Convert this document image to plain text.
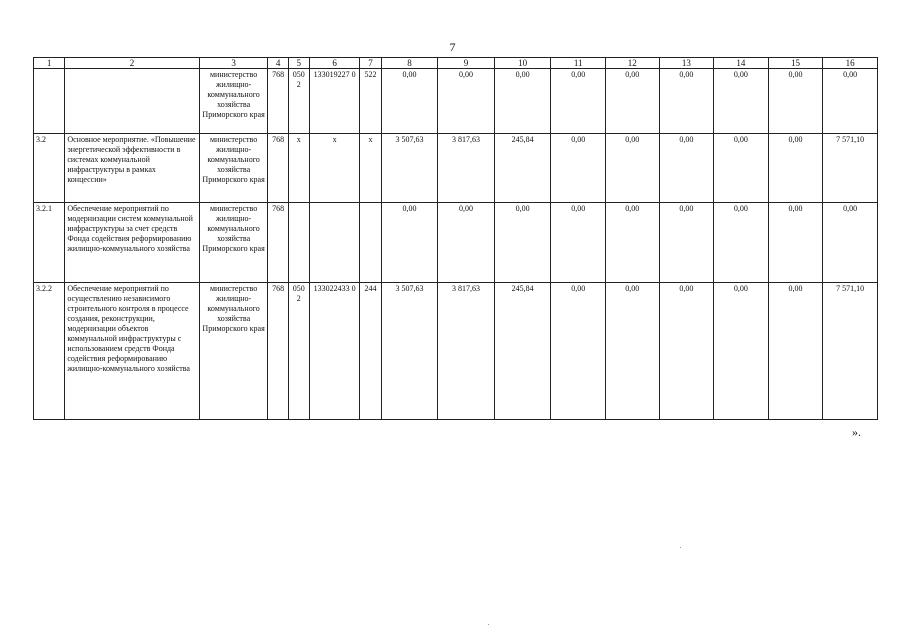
7
1	2	3	4	5	6	7	8	9	10	11	12	13	14	15	16
		министерство жилищно-коммунального хозяйства Приморского края	768	050 2	133019227 0	522	0,00	0,00	0,00	0,00	0,00	0,00	0,00	0,00	0,00
3.2	Основное мероприятие. «Повышение энергетической эффективности в системах коммунальной инфраструктуры в рамках концессии»	министерство жилищно-коммунального хозяйства Приморского края	768	х	х	х	3 507,63	3 817,63	245,84	0,00	0,00	0,00	0,00	0,00	7 571,10
3.2.1	Обеспечение мероприятий по модернизации систем коммунальной инфраструктуры за счет средств Фонда содействия реформированию жилищно-коммунального хозяйства	министерство жилищно-коммунального хозяйства Приморского края	768				0,00	0,00	0,00	0,00	0,00	0,00	0,00	0,00	0,00
3.2.2	Обеспечение мероприятий по осуществлению независимого строительного контроля в процессе создания, реконструкции, модернизации объектов коммунальной инфраструктуры с использованием средств Фонда содействия реформированию жилищно-коммунального хозяйства	министерство жилищно-коммунального хозяйства Приморского края	768	050 2	133022433 0	244	3 507,63	3 817,63	245,84	0,00	0,00	0,00	0,00	0,00	7 571,10
».
